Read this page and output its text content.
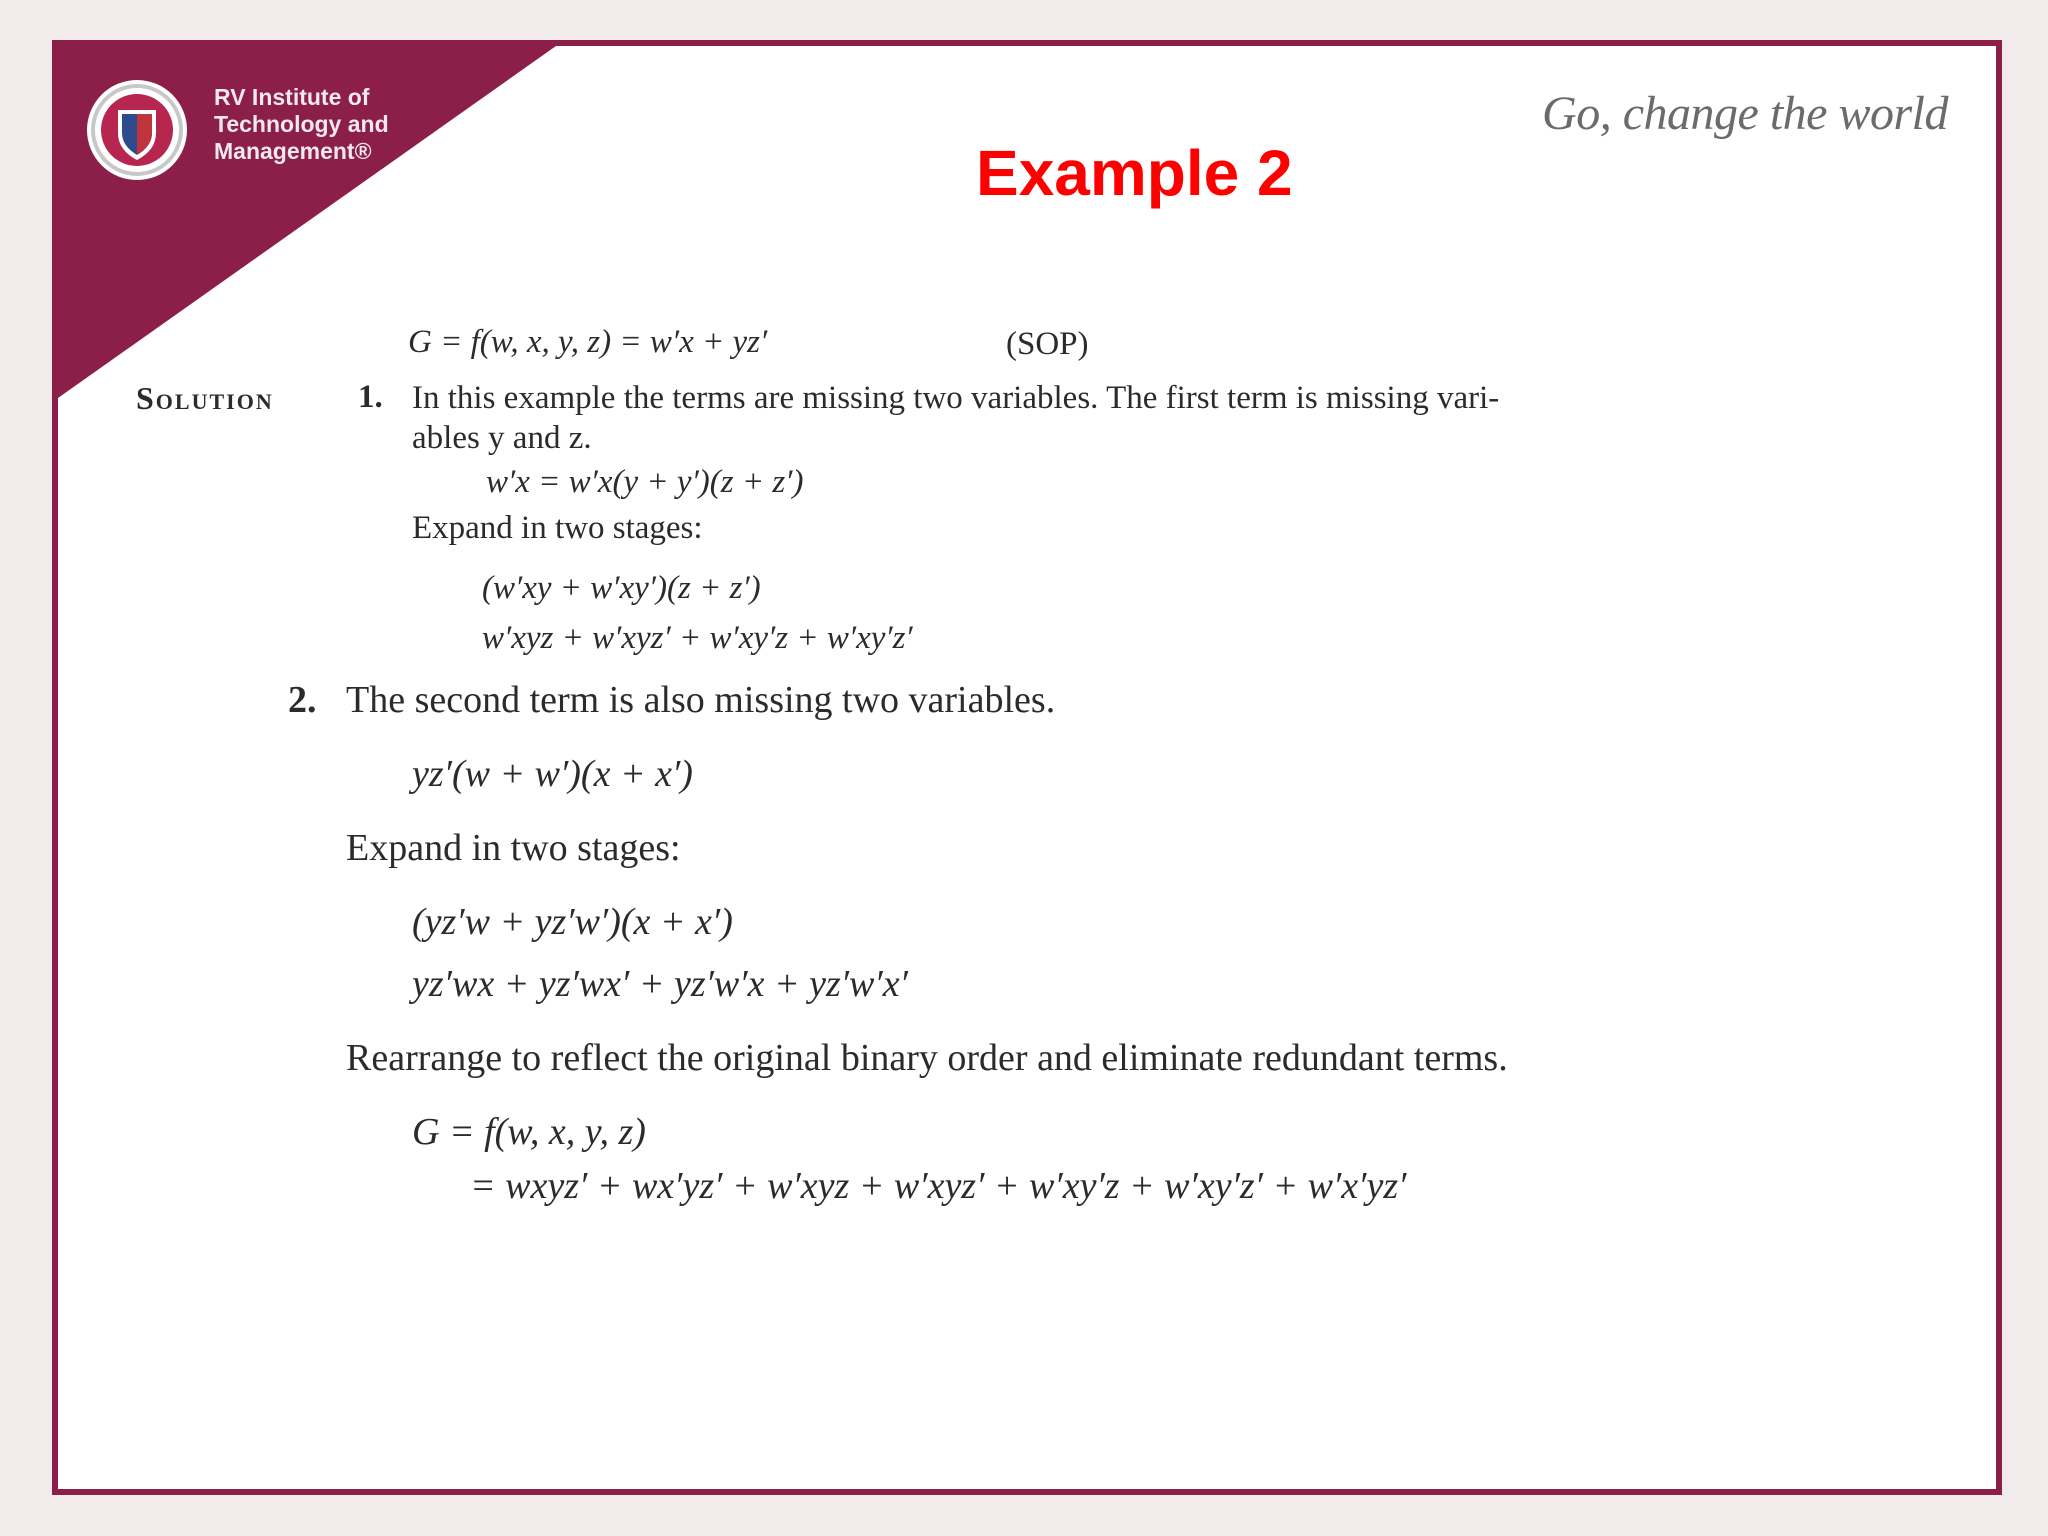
RV Institute of
Technology and
Management®
Go, change the world
Example 2
G = f(w, x, y, z) = w′x + yz′	(SOP)
Solution	1. In this example the terms are missing two variables. The first term is missing vari-
ables y and z.
w′x = w′x(y + y′)(z + z′)
Expand in two stages:
(w′xy + w′xy′)(z + z′)
w′xyz + w′xyz′ + w′xy′z + w′xy′z′
2. The second term is also missing two variables.
yz′(w + w′)(x + x′)
Expand in two stages:
(yz′w + yz′w′)(x + x′)
yz′wx + yz′wx′ + yz′w′x + yz′w′x′
Rearrange to reflect the original binary order and eliminate redundant terms.
G = f(w, x, y, z)
= wxyz′ + wx′yz′ + w′xyz + w′xyz′ + w′xy′z + w′xy′z′ + w′x′yz′
